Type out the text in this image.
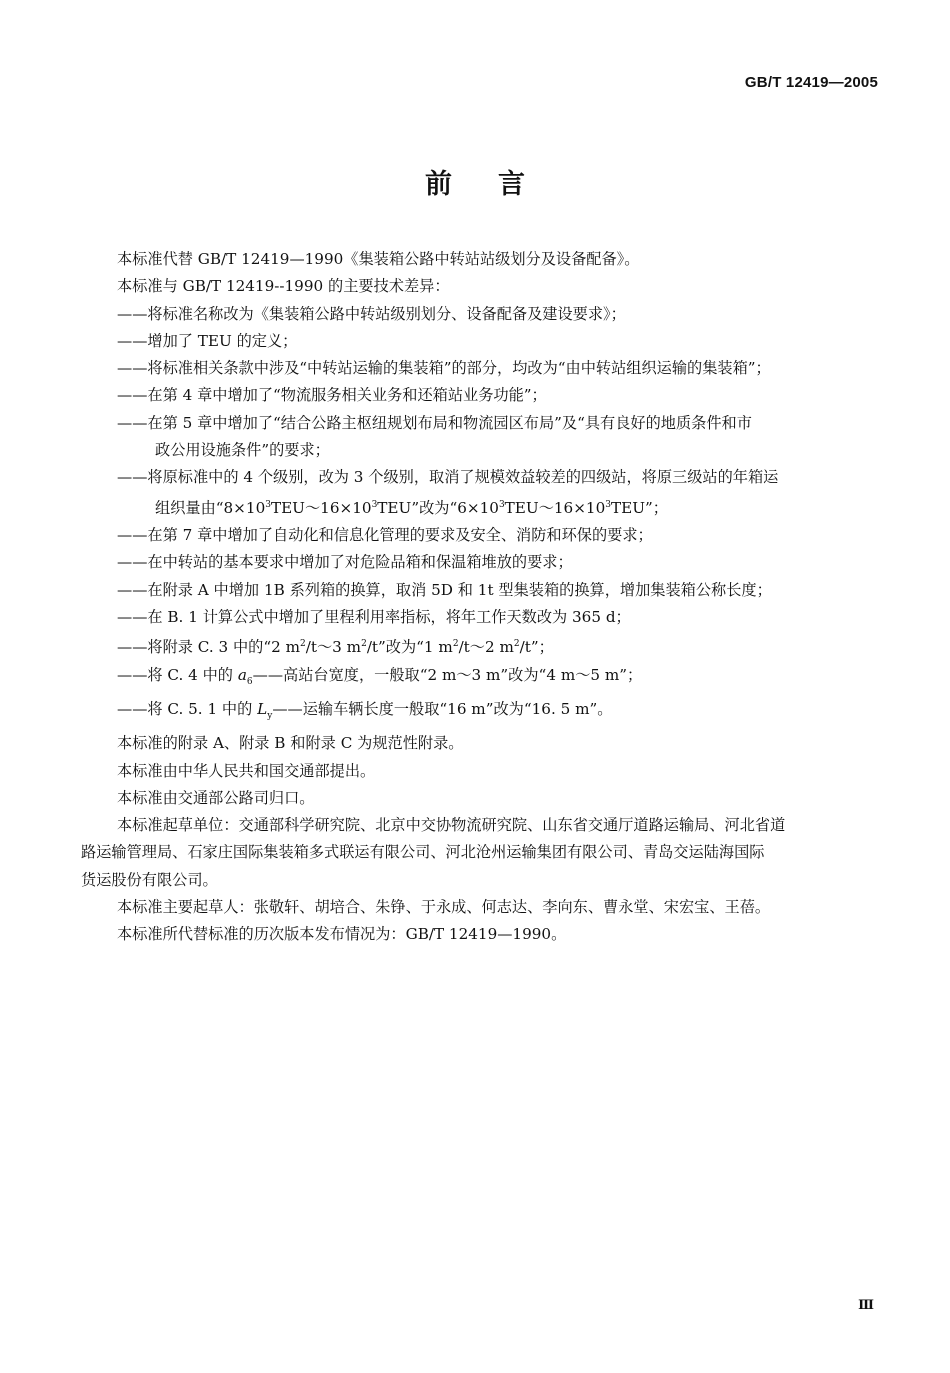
GB/T 12419—2005
前言

本标准代替 GB/T 12419—1990《集装箱公路中转站站级划分及设备配备》。

本标准与 GB/T 12419--1990 的主要技术差异：

——将标准名称改为《集装箱公路中转站级别划分、设备配备及建设要求》；

——增加了 TEU 的定义；

——将标准相关条款中涉及“中转站运输的集装箱”的部分，均改为“由中转站组织运输的集装箱”；

——在第 4 章中增加了“物流服务相关业务和还箱站业务功能”；

——在第 5 章中增加了“结合公路主枢纽规划布局和物流园区布局”及“具有良好的地质条件和市

政公用设施条件”的要求；

——将原标准中的 4 个级别，改为 3 个级别，取消了规模效益较差的四级站，将原三级站的年箱运

组织量由“$8\times 10^3TEU\sim 16\times 10^3TEU$”改为“$6\times 10^3TEU\sim 16\times 10^3TEU$”；

——在第 7 章中增加了自动化和信息化管理的要求及安全、消防和环保的要求；

——在中转站的基本要求中增加了对危险品箱和保温箱堆放的要求；

——在附录 A 中增加 1B 系列箱的换算，取消 5D 和 1t 型集装箱的换算，增加集装箱公称长度；

——在 B. 1 计算公式中增加了里程利用率指标，将年工作天数改为 365 d；

——将附录 C. 3 中的“2 $m^2/t\sim 3$ $m^2/t$”改为“1 $m^2/t\sim 2$ $m^2/t$”；

——将 C. 4 中的 $a_6——$高站台宽度，一般取“2 m～3 m”改为“4 m～5 m”；

——将 C. 5. 1 中的 $L_y——$运输车辆长度一般取“16 m”改为“16. 5 m”。

本标准的附录 A、附录 B 和附录 C 为规范性附录。

本标准由中华人民共和国交通部提出。

本标准由交通部公路司归口。

本标准起草单位：交通部科学研究院、北京中交协物流研究院、山东省交通厅道路运输局、河北省道

路运输管理局、石家庄国际集装箱多式联运有限公司、河北沧州运输集团有限公司、青岛交运陆海国际

货运股份有限公司。

本标准主要起草人：张敬轩、胡培合、朱铮、于永成、何志达、李向东、曹永堂、宋宏宝、王蓓。

本标准所代替标准的历次版本发布情况为：GB/T 12419—1990。

Ⅲ
